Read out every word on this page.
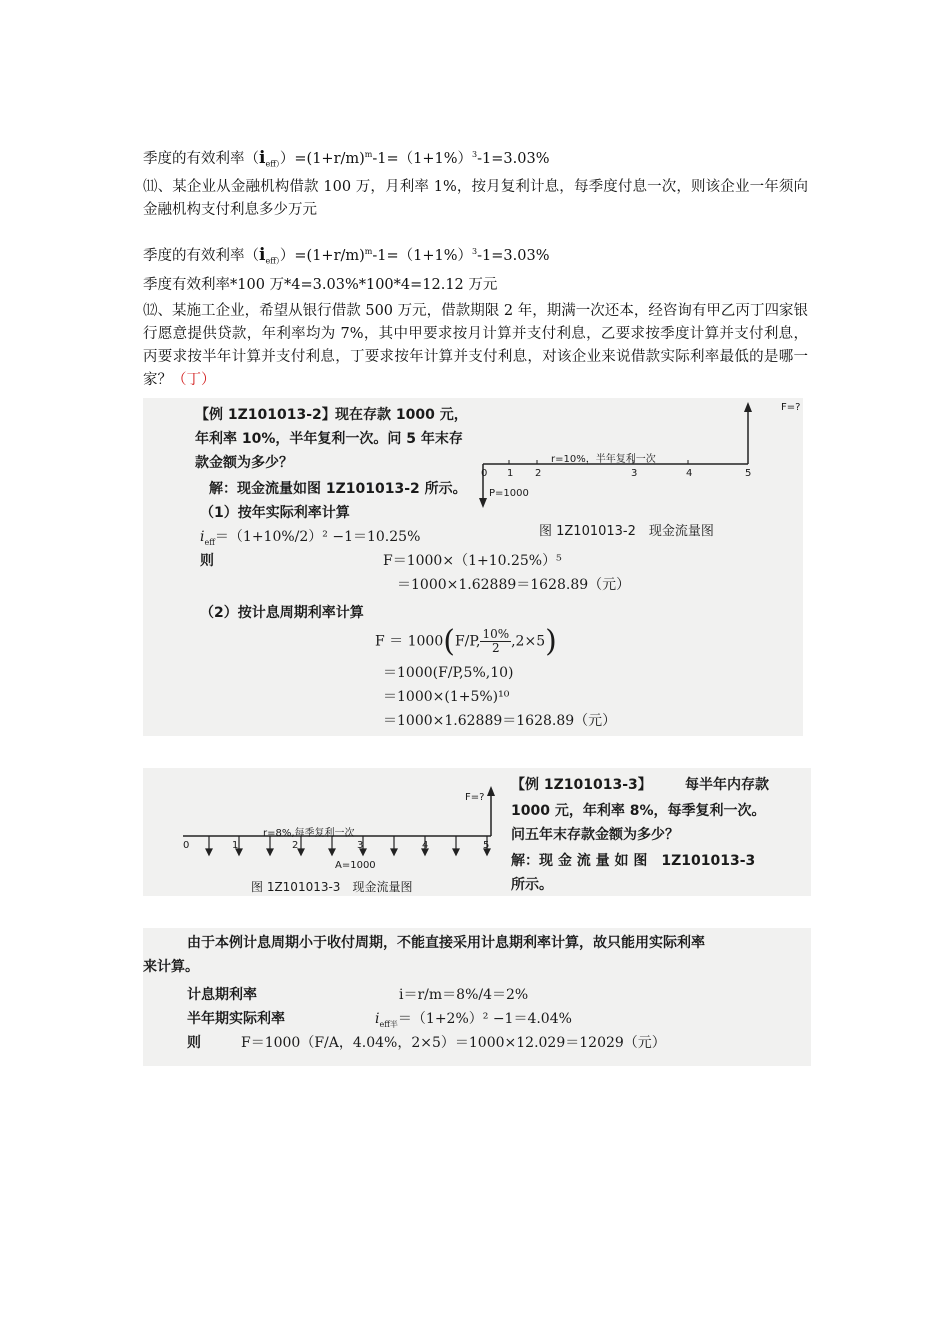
季度的有效利率$(i_{eff)})=(1+r/m)^m-1=(1+1\%)^3-1=3.03\%$
⑾、某企业从金融机构借款 100 万，月利率 1%，按月复利计息，每季度付息一次，则该企业一年须向金融机构支付利息多少万元
季度的有效利率$(i_{eff)})=(1+r/m)^m-1=(1+1\%)^3-1=3.03\%$
季度有效利率*100 万*4=3.03%*100*4=12.12 万元
⑿、某施工企业，希望从银行借款 500 万元，借款期限 2 年，期满一次还本，经咨询有甲乙丙丁四家银行愿意提供贷款，年利率均为 7%，其中甲要求按月计算并支付利息，乙要求按季度计算并支付利息，丙要求按半年计算并支付利息，丁要求按年计算并支付利息，对该企业来说借款实际利率最低的是哪一家？（丁）
【例 1Z101013-2】 现在存款 1000 元，
年利率 10%，半年复利一次。问 5 年末存
款金额为多少？
解：现金流量如图 1Z101013-2 所示。
（1）按年实际利率计算
$i_{eff}=(1+10\%/2)^2 -1=10.25\%$
则	F＝1000×（1+10.25%）⁵
＝1000×1.62889＝1628.89（元）
（2）按计息周期利率计算
F ＝ 1000(F/P, $\frac{10\%}{2},2\times 5$)
＝1000(F/P,5%,10)
＝1000×(1+5%)¹⁰
＝1000×1.62889＝1628.89（元）
F=?
r=10%，半年复利一次
0 1 2	3	4	5
P=1000
图 1Z101013-2　现金流量图
F=?
r=8%,每季复利一次
0	1	2	3	4	5
A=1000
图 1Z101013-3　现金流量图
【例 1Z101013-3】 每半年内存款
1000 元，年利率 8%，每季复利一次。
问五年末存款金额为多少？
解：现 金 流 量 如 图　1Z101013-3
所示。
由于本例计息周期小于收付周期，不能直接采用计息期利率计算，故只能用实际利率
来计算。
计息期利率	i＝r/m＝8%/4＝2%
半年期实际利率	$i_{eff半}=(1+2\%)^2 -1=4.04\%$
则	F＝1000（F/A，4.04%，2×5）＝1000×12.029＝12029（元）
